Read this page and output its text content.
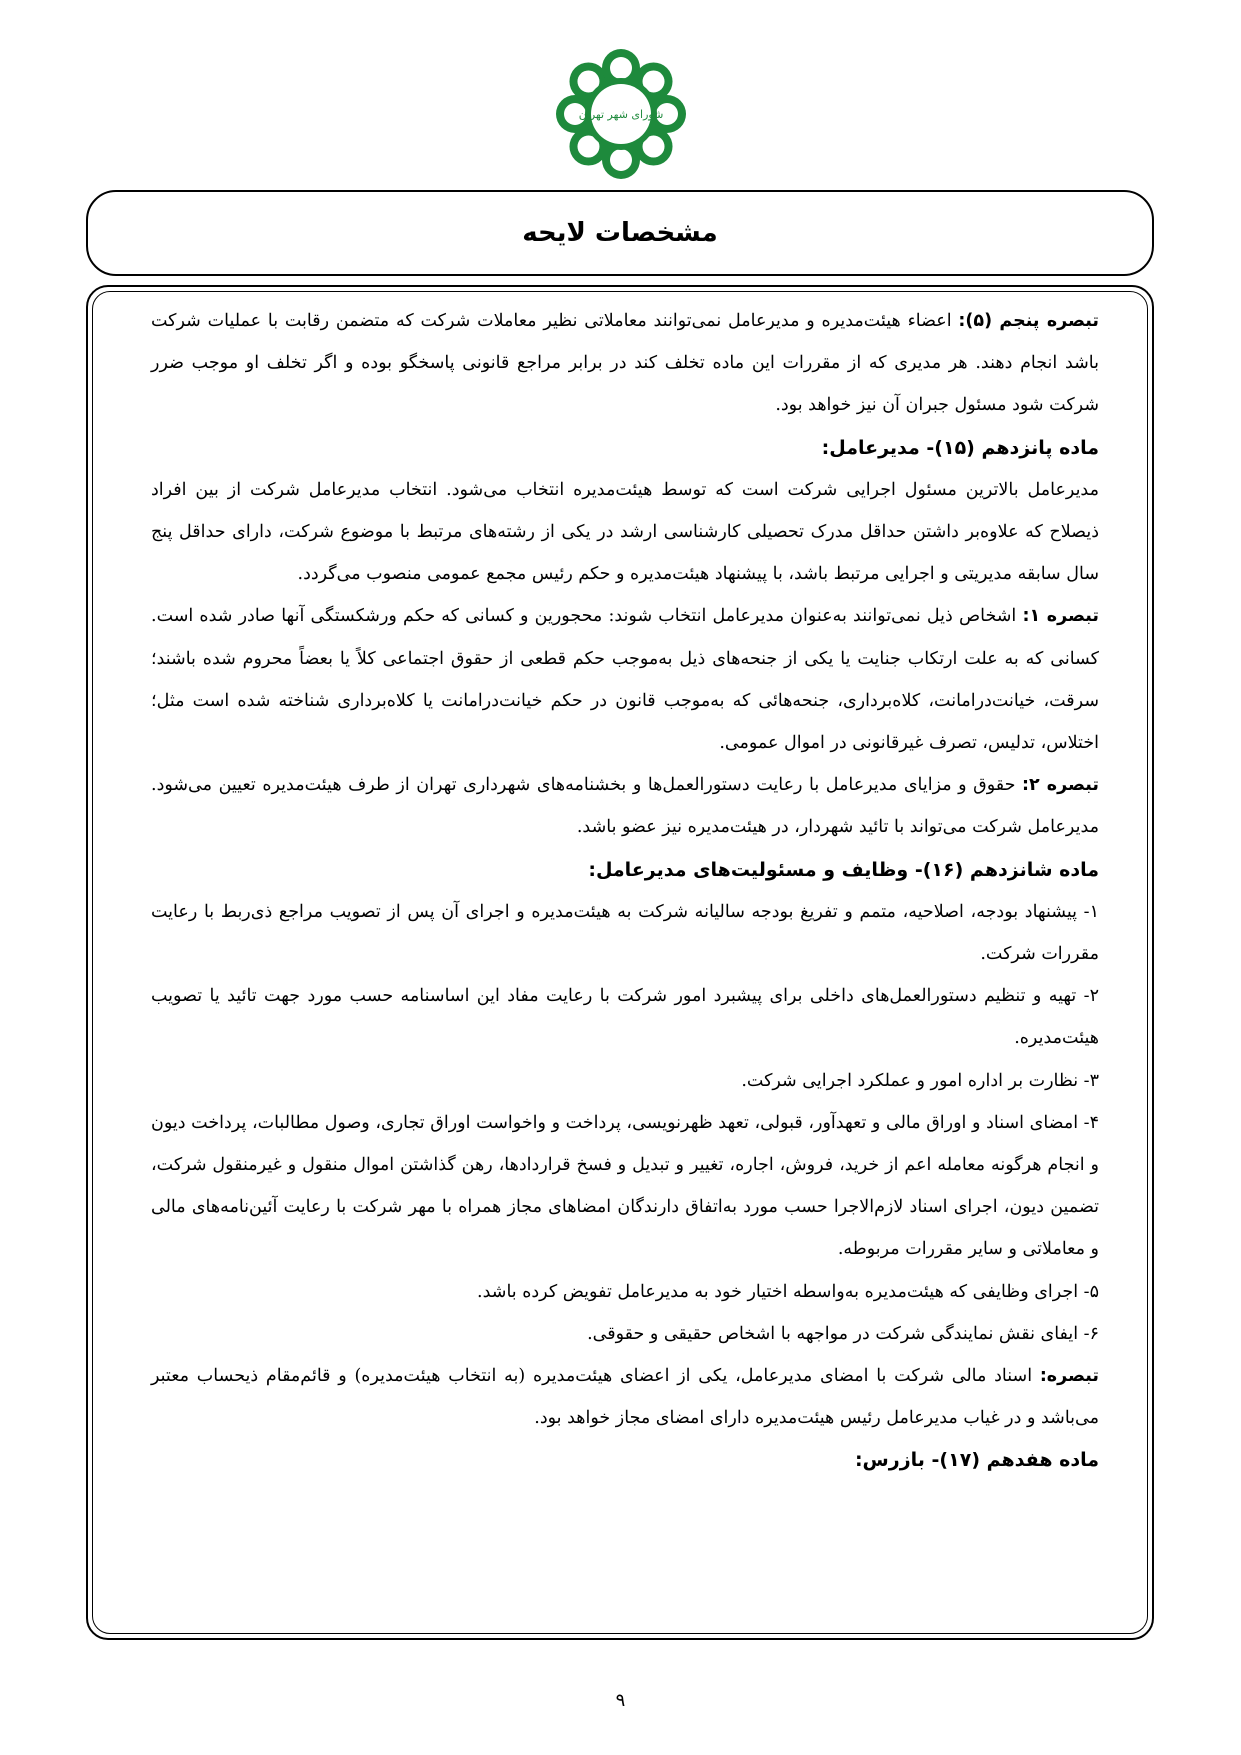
شورای شهر تهران
مشخصات لایحه

تبصره پنجم (۵): اعضاء هیئت‌مدیره و مدیرعامل نمی‌توانند معاملاتی نظیر معاملات شرکت که متضمن رقابت با عملیات شرکت باشد انجام دهند. هر مدیری که از مقررات این ماده تخلف کند در برابر مراجع قانونی پاسخگو بوده و اگر تخلف او موجب ضرر شرکت شود مسئول جبران آن نیز خواهد بود.

ماده پانزدهم (۱۵)- مدیرعامل:

مدیرعامل بالاترین مسئول اجرایی شرکت است که توسط هیئت‌مدیره انتخاب می‌شود. انتخاب مدیرعامل شرکت از بین افراد ذیصلاح که علاوه‌بر داشتن حداقل مدرک تحصیلی کارشناسی ارشد در یکی از رشته‌های مرتبط با موضوع شرکت، دارای حداقل پنج سال سابقه مدیریتی و اجرایی مرتبط باشد، با پیشنهاد هیئت‌مدیره و حکم رئیس مجمع عمومی منصوب می‌گردد.

تبصره ۱: اشخاص ذیل نمی‌توانند به‌عنوان مدیرعامل انتخاب شوند: محجورین و کسانی که حکم ورشکستگی آنها صادر شده است. کسانی که به علت ارتکاب جنایت یا یکی از جنحه‌های ذیل به‌موجب حکم قطعی از حقوق اجتماعی کلاً یا بعضاً محروم شده باشند؛ سرقت، خیانت‌درامانت، کلاه‌برداری، جنحه‌هائی که به‌موجب قانون در حکم خیانت‌درامانت یا کلاه‌برداری شناخته شده است مثل؛ اختلاس، تدلیس، تصرف غیرقانونی در اموال عمومی.

تبصره ۲: حقوق و مزایای مدیرعامل با رعایت دستورالعمل‌ها و بخشنامه‌های شهرداری تهران از طرف هیئت‌مدیره تعیین می‌شود. مدیرعامل شرکت می‌تواند با تائید شهردار، در هیئت‌مدیره نیز عضو باشد.

ماده شانزدهم (۱۶)- وظایف و مسئولیت‌های مدیرعامل:

۱- پیشنهاد بودجه، اصلاحیه، متمم و تفریغ بودجه سالیانه شرکت به هیئت‌مدیره و اجرای آن پس از تصویب مراجع ذی‌ربط با رعایت مقررات شرکت.

۲- تهیه و تنظیم دستورالعمل‌های داخلی برای پیشبرد امور شرکت با رعایت مفاد این اساسنامه حسب مورد جهت تائید یا تصویب هیئت‌مدیره.

۳- نظارت بر اداره امور و عملکرد اجرایی شرکت.

۴- امضای اسناد و اوراق مالی و تعهدآور، قبولی، تعهد ظهرنویسی، پرداخت و واخواست اوراق تجاری، وصول مطالبات، پرداخت دیون و انجام هرگونه معامله اعم از خرید، فروش، اجاره، تغییر و تبدیل و فسخ قراردادها، رهن گذاشتن اموال منقول و غیرمنقول شرکت، تضمین دیون، اجرای اسناد لازم‌الاجرا حسب مورد به‌اتفاق دارندگان امضاهای مجاز همراه با مهر شرکت با رعایت آئین‌نامه‌های مالی و معاملاتی و سایر مقررات مربوطه.

۵- اجرای وظایفی که هیئت‌مدیره به‌واسطه اختیار خود به مدیرعامل تفویض کرده باشد.

۶- ایفای نقش نمایندگی شرکت در مواجهه با اشخاص حقیقی و حقوقی.

تبصره: اسناد مالی شرکت با امضای مدیرعامل، یکی از اعضای هیئت‌مدیره (به انتخاب هیئت‌مدیره) و قائم‌مقام ذیحساب معتبر می‌باشد و در غیاب مدیرعامل رئیس هیئت‌مدیره دارای امضای مجاز خواهد بود.

ماده هفدهم (۱۷)- بازرس:

۹
